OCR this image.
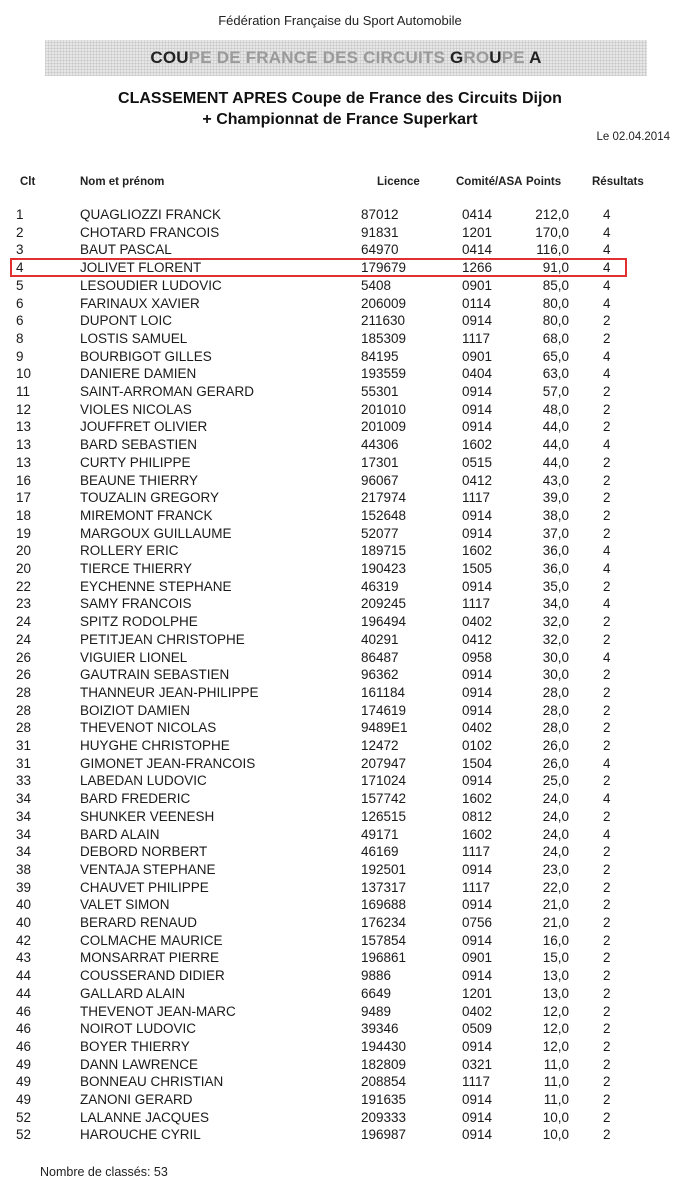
Fédération Française du Sport Automobile
COUPE DE FRANCE DES CIRCUITS GROUPE A
CLASSEMENT APRES Coupe de France des Circuits Dijon
+ Championnat de France Superkart
Le 02.04.2014
Clt	Nom et prénom	Licence	Comité/ASA Points	Résultats
1	QUAGLIOZZI FRANCK	87012	0414	212,0	4
2	CHOTARD FRANCOIS	91831	1201	170,0	4
3	BAUT PASCAL	64970	0414	116,0	4
4	JOLIVET FLORENT	179679	1266	91,0	4
5	LESOUDIER LUDOVIC	5408	0901	85,0	4
6	FARINAUX XAVIER	206009	0114	80,0	4
6	DUPONT LOIC	211630	0914	80,0	2
8	LOSTIS SAMUEL	185309	1117	68,0	2
9	BOURBIGOT GILLES	84195	0901	65,0	4
10	DANIERE DAMIEN	193559	0404	63,0	4
11	SAINT-ARROMAN GERARD	55301	0914	57,0	2
12	VIOLES NICOLAS	201010	0914	48,0	2
13	JOUFFRET OLIVIER	201009	0914	44,0	2
13	BARD SEBASTIEN	44306	1602	44,0	4
13	CURTY PHILIPPE	17301	0515	44,0	2
16	BEAUNE THIERRY	96067	0412	43,0	2
17	TOUZALIN GREGORY	217974	1117	39,0	2
18	MIREMONT FRANCK	152648	0914	38,0	2
19	MARGOUX GUILLAUME	52077	0914	37,0	2
20	ROLLERY ERIC	189715	1602	36,0	4
20	TIERCE THIERRY	190423	1505	36,0	4
22	EYCHENNE STEPHANE	46319	0914	35,0	2
23	SAMY FRANCOIS	209245	1117	34,0	4
24	SPITZ RODOLPHE	196494	0402	32,0	2
24	PETITJEAN CHRISTOPHE	40291	0412	32,0	2
26	VIGUIER LIONEL	86487	0958	30,0	4
26	GAUTRAIN SEBASTIEN	96362	0914	30,0	2
28	THANNEUR JEAN-PHILIPPE	161184	0914	28,0	2
28	BOIZIOT DAMIEN	174619	0914	28,0	2
28	THEVENOT NICOLAS	9489E1	0402	28,0	2
31	HUYGHE CHRISTOPHE	12472	0102	26,0	2
31	GIMONET JEAN-FRANCOIS	207947	1504	26,0	4
33	LABEDAN LUDOVIC	171024	0914	25,0	2
34	BARD FREDERIC	157742	1602	24,0	4
34	SHUNKER VEENESH	126515	0812	24,0	2
34	BARD ALAIN	49171	1602	24,0	4
34	DEBORD NORBERT	46169	1117	24,0	2
38	VENTAJA STEPHANE	192501	0914	23,0	2
39	CHAUVET PHILIPPE	137317	1117	22,0	2
40	VALET SIMON	169688	0914	21,0	2
40	BERARD RENAUD	176234	0756	21,0	2
42	COLMACHE MAURICE	157854	0914	16,0	2
43	MONSARRAT PIERRE	196861	0901	15,0	2
44	COUSSERAND DIDIER	9886	0914	13,0	2
44	GALLARD ALAIN	6649	1201	13,0	2
46	THEVENOT JEAN-MARC	9489	0402	12,0	2
46	NOIROT LUDOVIC	39346	0509	12,0	2
46	BOYER THIERRY	194430	0914	12,0	2
49	DANN LAWRENCE	182809	0321	11,0	2
49	BONNEAU CHRISTIAN	208854	1117	11,0	2
49	ZANONI GERARD	191635	0914	11,0	2
52	LALANNE JACQUES	209333	0914	10,0	2
52	HAROUCHE CYRIL	196987	0914	10,0	2
Nombre de classés: 53
